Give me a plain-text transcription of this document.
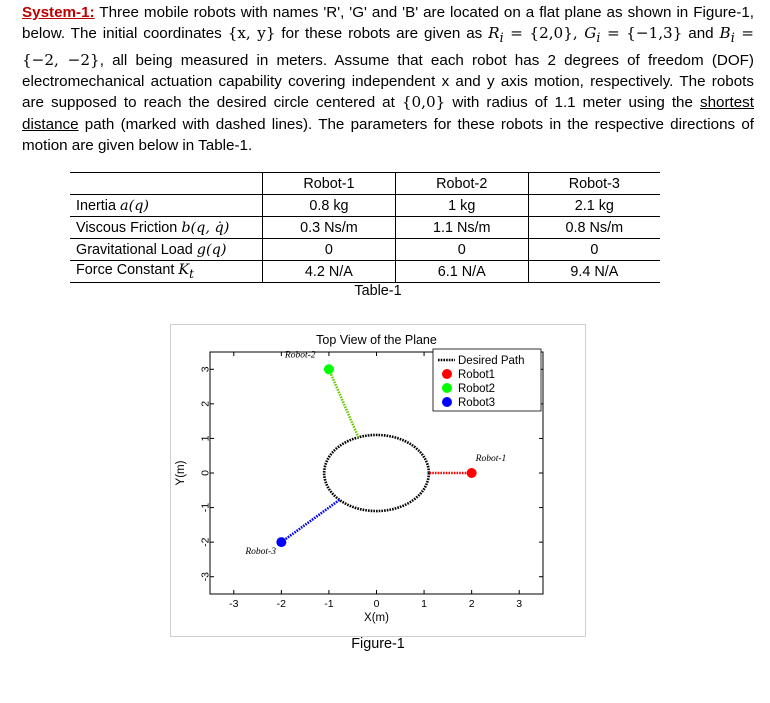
System-1: Three mobile robots with names 'R', 'G' and 'B' are located on a flat plane as shown in Figure-1, below. The initial coordinates {x, y} for these robots are given as $R_i = \{2,0\}$, $G_i = \{-1,3\}$ and $B_i = \{-2$, −2}, all being measured in meters. Assume that each robot has 2 degrees of freedom (DOF) electromechanical actuation capability covering independent x and y axis motion, respectively. The robots are supposed to reach the desired circle centered at {0,0} with radius of 1.1 meter using the shortest distance path (marked with dashed lines). The parameters for these robots in the respective directions of motion are given below in Table-1.
	Robot-1	Robot-2	Robot-3
Inertia a(q)	0.8 kg	1 kg	2.1 kg
Viscous Friction b(q, q̇)	0.3 Ns/m	1.1 Ns/m	0.8 Ns/m
Gravitational Load g(q)	0	0	0
Force Constant $K_t$	4.2 N/A	6.1 N/A	9.4 N/A
Table-1
Top View of the Plane
-3	-2	-1	0	1	2	3
-3
-2
-1
0
1
2
3
X(m)
Y(m)
Robot-1
Robot-2
Robot-3
Desired Path
Robot1
Robot2
Robot3
Figure-1
